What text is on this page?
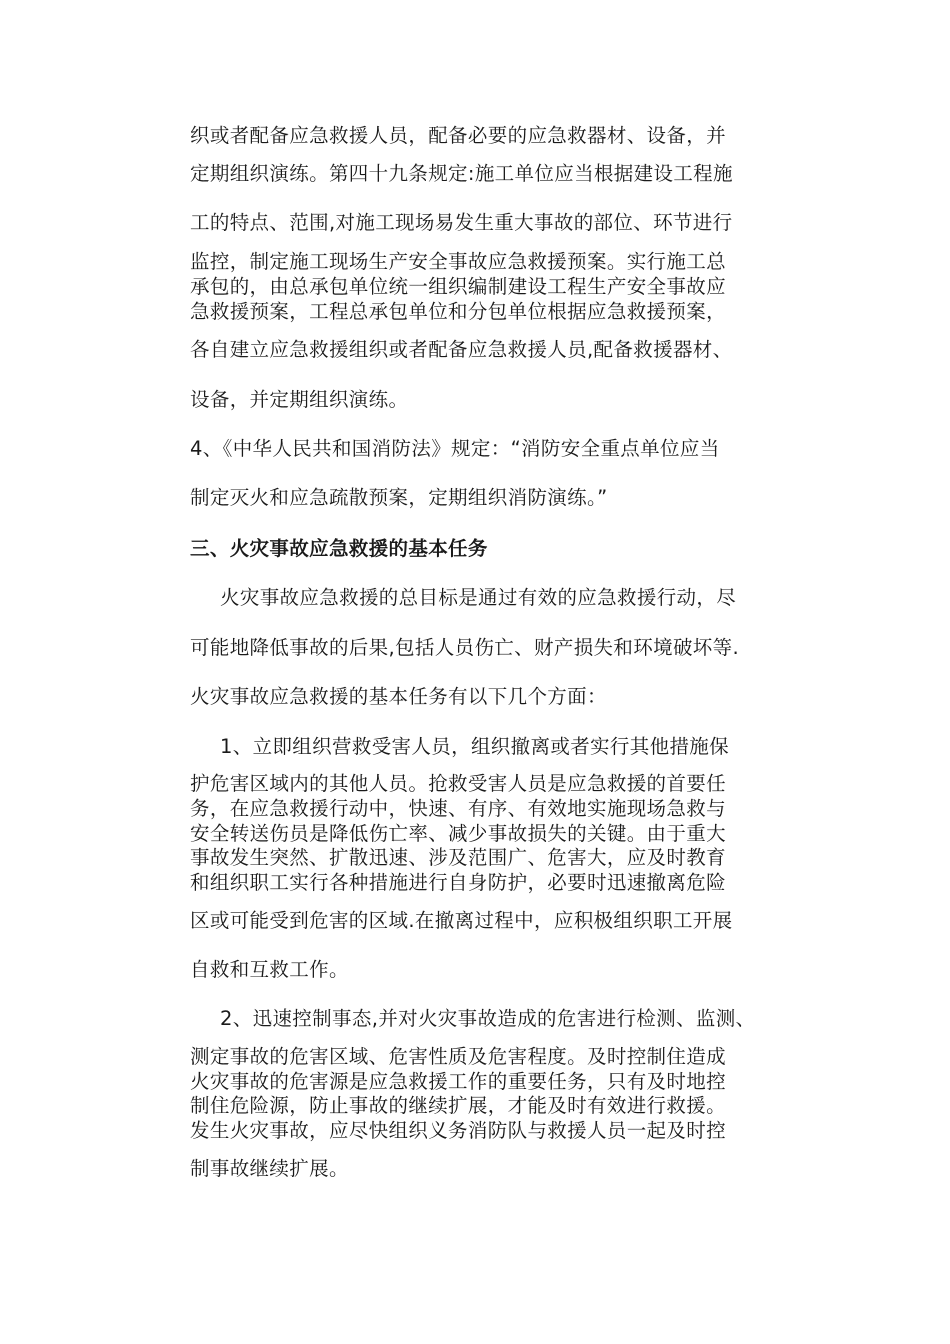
织或者配备应急救援人员，配备必要的应急救器材、设备，并
定期组织演练。第四十九条规定:施工单位应当根据建设工程施
工的特点、范围,对施工现场易发生重大事故的部位、环节进行
监控，制定施工现场生产安全事故应急救援预案。实行施工总
承包的，由总承包单位统一组织编制建设工程生产安全事故应
急救援预案，工程总承包单位和分包单位根据应急救援预案，
各自建立应急救援组织或者配备应急救援人员,配备救援器材、
设备，并定期组织演练。
4、《中华人民共和国消防法》规定：“消防安全重点单位应当
制定灭火和应急疏散预案，定期组织消防演练。”
三、火灾事故应急救援的基本任务
火灾事故应急救援的总目标是通过有效的应急救援行动，尽
可能地降低事故的后果,包括人员伤亡、财产损失和环境破坏等.
火灾事故应急救援的基本任务有以下几个方面：
1、立即组织营救受害人员，组织撤离或者实行其他措施保
护危害区域内的其他人员。抢救受害人员是应急救援的首要任
务，在应急救援行动中，快速、有序、有效地实施现场急救与
安全转送伤员是降低伤亡率、减少事故损失的关键。由于重大
事故发生突然、扩散迅速、涉及范围广、危害大，应及时教育
和组织职工实行各种措施进行自身防护，必要时迅速撤离危险
区或可能受到危害的区域.在撤离过程中，应积极组织职工开展
自救和互救工作。
2、迅速控制事态,并对火灾事故造成的危害进行检测、监测、
测定事故的危害区域、危害性质及危害程度。及时控制住造成
火灾事故的危害源是应急救援工作的重要任务，只有及时地控
制住危险源，防止事故的继续扩展，才能及时有效进行救援。
发生火灾事故，应尽快组织义务消防队与救援人员一起及时控
制事故继续扩展。
